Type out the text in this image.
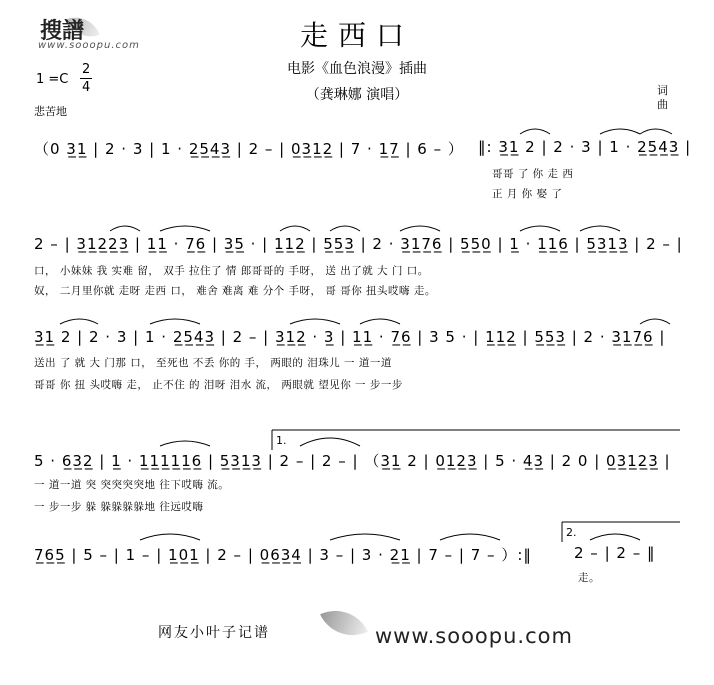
搜譜
www.sooopu.com	走西口
电影《血色浪漫》插曲
（龚琳娜 演唱）
1 =C
2
4
悲苦地
词
曲
（0 3̲1̲ | 2 · 3 | 1 · 2̲5̲4̲3̲ | 2 – | 0̲3̲1̲2̲ | 7 · 1̲7̲ | 6 – ） ‖: 3̲1̲ 2 | 2 · 3 | 1 · 2̲5̲4̲3̲ |
哥哥 了 你 走 西
正 月 你 娶 了
2 – | 3̲1̲2̲2̲3̲ | 1̲1̲ · 7̲6̲ | 3̲5̲ · | 1̲1̲2̲ | 5̲5̲3̲ | 2 · 3̲1̲7̲6̲ | 5̲5̲0̲ | 1̲ · 1̲1̲6̲ | 5̲3̲1̲3̲ | 2 – |
口， 小妹妹 我 实难 留， 双手 拉住了 情 郎哥哥的 手呀， 送 出了就 大 门 口。
奴， 二月里你就 走呀 走西 口， 难舍 难离 难 分个 手呀， 哥 哥你 扭头哎嗨 走。
3̲1̲ 2 | 2 · 3 | 1 · 2̲5̲4̲3̲ | 2 – | 3̲1̲2̲ · 3̲ | 1̲1̲ · 7̲6̲ | 3 5 · | 1̲1̲2̲ | 5̲5̲3̲ | 2 · 3̲1̲7̲6̲ |
送出 了 就 大 门那 口， 至死也 不丢 你的 手， 两眼的 泪珠儿 一 道一道
哥哥 你 扭 头哎嗨 走， 止不住 的 泪呀 泪水 流， 两眼就 望见你 一 步一步
1.
5 · 6̲3̲2̲ | 1̲ · 1̲1̲1̲1̲1̲6̲ | 5̲3̲1̲3̲ | 2 – | 2 – | （3̲1̲ 2 | 0̲1̲2̲3̲ | 5 · 4̲3̲ | 2 0 | 0̲3̲1̲2̲3̲ |
一 道一道 突 突突突突地 往下哎嗨 流。
一 步一步 躲 躲躲躲躲地 往远哎嗨
7̲6̲5̲ | 5 – | 1 – | 1̲0̲1̲ | 2 – | 0̲6̲3̲4̲ | 3 – | 3 · 2̲1̲ | 7 – | 7 – ）:‖
2.
2 – | 2 – ‖
走。
网友小叶子记谱	www.sooopu.com
